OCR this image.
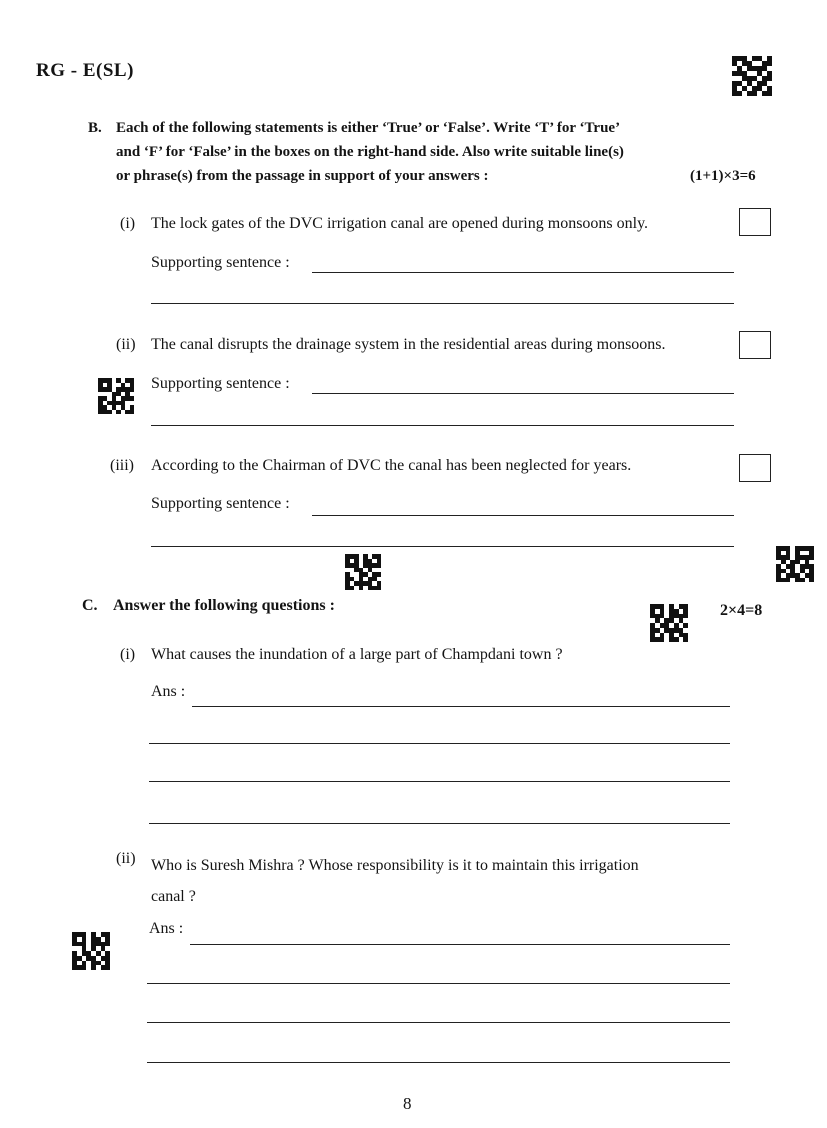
RG - E(SL)
B. Each of the following statements is either ‘True’ or ‘False’. Write ‘T’ for ‘True’
and ‘F’ for ‘False’ in the boxes on the right-hand side. Also write suitable line(s)
or phrase(s) from the passage in support of your answers :	(1+1)×3=6
(i) The lock gates of the DVC irrigation canal are opened during monsoons only.
Supporting sentence :
(ii) The canal disrupts the drainage system in the residential areas during monsoons.
Supporting sentence :
(iii) According to the Chairman of DVC the canal has been neglected for years.
Supporting sentence :
C. Answer the following questions :	2×4=8
(i) What causes the inundation of a large part of Champdani town ?
Ans :
(ii) Who is Suresh Mishra ? Whose responsibility is it to maintain this irrigation
canal ?
Ans :
8
